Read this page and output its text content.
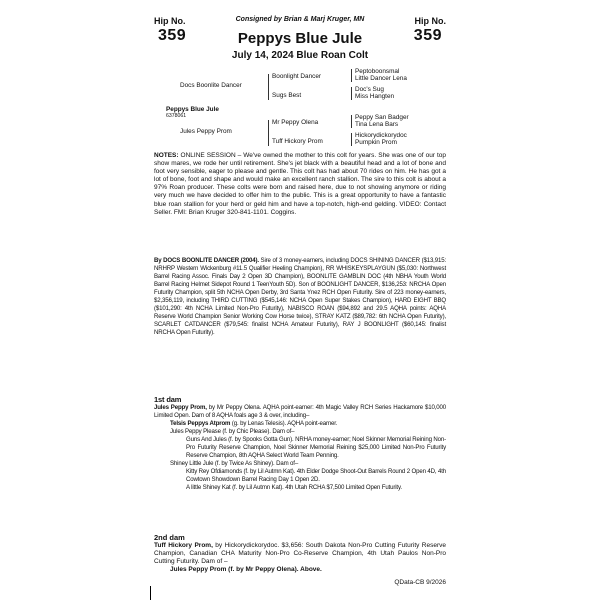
Hip No.
359
Hip No.
359
Consigned by Brian & Marj Kruger, MN
Peppys Blue Jule
July 14, 2024 Blue Roan Colt
Docs Boonlite Dancer
Boonlight Dancer
Sugs Best
Peptoboonsmal
Little Dancer Lena
Doc's Sug
Miss Hangten
Peppys Blue Jule
6378061
Jules Peppy Prom
Mr Peppy Olena
Tuff Hickory Prom
Peppy San Badger
Tina Lena Bars
Hickorydickorydoc
Pumpkin Prom
NOTES: ONLINE SESSION – We've owned the mother to this colt for years. She was one of our top show mares, we rode her until retirement. She's jet black with a beautiful head and a lot of bone and foot very sensible, eager to please and gentle. This colt has had about 70 rides on him. He has got a lot of bone, foot and shape and would make an excellent ranch stallion. The sire to this colt is about a 97% Roan producer. These colts were born and raised here, due to not showing anymore or riding very much we have decided to offer him to the public. This is a great opportunity to have a fantastic blue roan stallion for your herd or geld him and have a top-notch, high-end gelding. VIDEO: Contact Seller. FMI: Brian Kruger 320-841-1101. Coggins.
By DOCS BOONLITE DANCER (2004). Sire of 3 money-earners, including DOCS SHINING DANCER ($13,915: NRHRP Western Wickenburg #11.5 Qualifier Heeling Champion), RR WHISKEYSPLAYGUN ($5,030: Northwest Barrel Racing Assoc. Finals Day 2 Open 3D Champion), BOONLITE GAMBLIN DOC (4th NBHA Youth World Barrel Racing Helmet Sidepot Round 1 TeenYouth 5D). Son of BOONLIGHT DANCER, $136,253: NRCHA Open Futurity Champion, split 5th NCHA Open Derby, 3rd Santa Ynez RCH Open Futurity. Sire of 223 money-earners, $2,356,119, including THIRD CUTTING ($545,146: NCHA Open Super Stakes Champion), HARD EIGHT BBQ ($101,290: 4th NCHA Limited Non-Pro Futurity), NABISCO ROAN ($94,892 and 29.5 AQHA points: AQHA Reserve World Champion Senior Working Cow Horse twice), STRAY KATZ ($89,782: 6th NCHA Open Futurity), SCARLET CATDANCER ($79,545: finalist NCHA Amateur Futurity), RAY J BOONLIGHT ($60,145: finalist NRCHA Open Futurity).
1st dam
Jules Peppy Prom, by Mr Peppy Olena. AQHA point-earner: 4th Magic Valley RCH Series Hackamore $10,000 Limited Open. Dam of 8 AQHA foals age 3 & over, including–
Telsis Peppys Atprom (g. by Lenas Telesis). AQHA point-earner.
Jules Peppy Please (f. by Chic Please). Dam of–
Guns And Jules (f. by Spooks Gotta Gun). NRHA money-earner; Noel Skinner Memorial Reining Non-Pro Futurity Reserve Champion, Noel Skinner Memorial Reining $25,000 Limited Non-Pro Futurity Reserve Champion, 8th AQHA Select World Team Penning.
Shiney Little Jule (f. by Twice As Shiney). Dam of–
Kitty Rey Ofdiamonds (f. by Lil Autmn Kat). 4th Elder Dodge Shoot-Out Barrels Round 2 Open 4D, 4th Cowtown Showdown Barrel Racing Day 1 Open 2D.
A little Shiney Kat (f. by Lil Autmn Kat). 4th Utah RCHA $7,500 Limited Open Futurity.
2nd dam
Tuff Hickory Prom, by Hickorydickorydoc. $3,656: South Dakota Non-Pro Cutting Futurity Reserve Champion, Canadian CHA Maturity Non-Pro Co-Reserve Champion, 4th Utah Paulos Non-Pro Cutting Futurity. Dam of –
Jules Peppy Prom (f. by Mr Peppy Olena). Above.
QData-CB 9/2026
